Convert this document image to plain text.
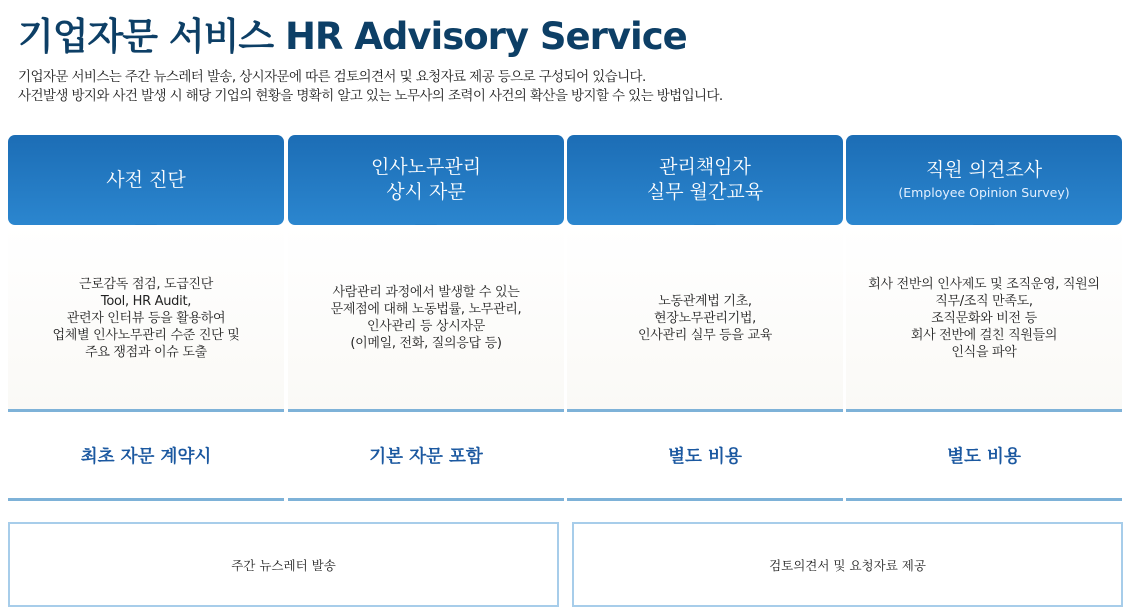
기업자문 서비스 HR Advisory Service
기업자문 서비스는 주간 뉴스레터 발송, 상시자문에 따른 검토의견서 및 요청자료 제공 등으로 구성되어 있습니다.
사건발생 방지와 사건 발생 시 해당 기업의 현황을 명확히 알고 있는 노무사의 조력이 사건의 확산을 방지할 수 있는 방법입니다.
사전 진단
근로감독 점검, 도급진단
Tool, HR Audit,
관련자 인터뷰 등을 활용하여
업체별 인사노무관리 수준 진단 및
주요 쟁점과 이슈 도출
최초 자문 계약시
인사노무관리
상시 자문
사람관리 과정에서 발생할 수 있는
문제점에 대해 노동법률, 노무관리,
인사관리 등 상시자문
(이메일, 전화, 질의응답 등)
기본 자문 포함
관리책임자
실무 월간교육
노동관계법 기초,
현장노무관리기법,
인사관리 실무 등을 교육
별도 비용
직원 의견조사
(Employee Opinion Survey)
회사 전반의 인사제도 및 조직운영, 직원의
직무/조직 만족도,
조직문화와 비전 등
회사 전반에 걸친 직원들의
인식을 파악
별도 비용
주간 뉴스레터 발송	검토의견서 및 요청자료 제공
